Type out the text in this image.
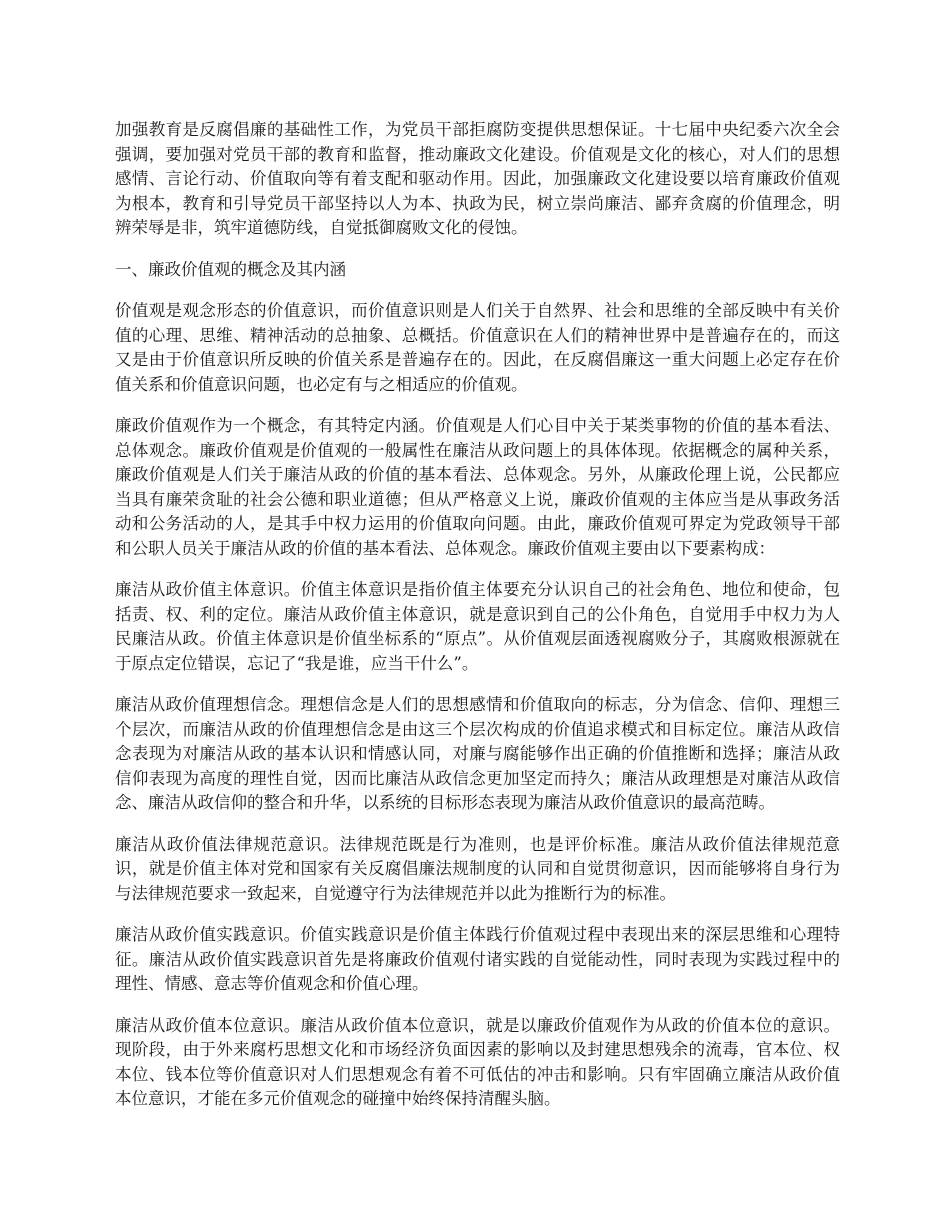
加强教育是反腐倡廉的基础性工作，为党员干部拒腐防变提供思想保证。十七届中央纪委六次全会强调，要加强对党员干部的教育和监督，推动廉政文化建设。价值观是文化的核心，对人们的思想感情、言论行动、价值取向等有着支配和驱动作用。因此，加强廉政文化建设要以培育廉政价值观为根本，教育和引导党员干部坚持以人为本、执政为民，树立崇尚廉洁、鄙弃贪腐的价值理念，明辨荣辱是非，筑牢道德防线，自觉抵御腐败文化的侵蚀。

一、廉政价值观的概念及其内涵

价值观是观念形态的价值意识，而价值意识则是人们关于自然界、社会和思维的全部反映中有关价值的心理、思维、精神活动的总抽象、总概括。价值意识在人们的精神世界中是普遍存在的，而这又是由于价值意识所反映的价值关系是普遍存在的。因此，在反腐倡廉这一重大问题上必定存在价值关系和价值意识问题，也必定有与之相适应的价值观。

廉政价值观作为一个概念，有其特定内涵。价值观是人们心目中关于某类事物的价值的基本看法、总体观念。廉政价值观是价值观的一般属性在廉洁从政问题上的具体体现。依据概念的属种关系，廉政价值观是人们关于廉洁从政的价值的基本看法、总体观念。另外，从廉政伦理上说，公民都应当具有廉荣贪耻的社会公德和职业道德；但从严格意义上说，廉政价值观的主体应当是从事政务活动和公务活动的人，是其手中权力运用的价值取向问题。由此，廉政价值观可界定为党政领导干部和公职人员关于廉洁从政的价值的基本看法、总体观念。廉政价值观主要由以下要素构成：

廉洁从政价值主体意识。价值主体意识是指价值主体要充分认识自己的社会角色、地位和使命，包括责、权、利的定位。廉洁从政价值主体意识，就是意识到自己的公仆角色，自觉用手中权力为人民廉洁从政。价值主体意识是价值坐标系的“原点”。从价值观层面透视腐败分子，其腐败根源就在于原点定位错误，忘记了“我是谁，应当干什么”。

廉洁从政价值理想信念。理想信念是人们的思想感情和价值取向的标志，分为信念、信仰、理想三个层次，而廉洁从政的价值理想信念是由这三个层次构成的价值追求模式和目标定位。廉洁从政信念表现为对廉洁从政的基本认识和情感认同，对廉与腐能够作出正确的价值推断和选择；廉洁从政信仰表现为高度的理性自觉，因而比廉洁从政信念更加坚定而持久；廉洁从政理想是对廉洁从政信念、廉洁从政信仰的整合和升华，以系统的目标形态表现为廉洁从政价值意识的最高范畴。

廉洁从政价值法律规范意识。法律规范既是行为准则，也是评价标准。廉洁从政价值法律规范意识，就是价值主体对党和国家有关反腐倡廉法规制度的认同和自觉贯彻意识，因而能够将自身行为与法律规范要求一致起来，自觉遵守行为法律规范并以此为推断行为的标准。

廉洁从政价值实践意识。价值实践意识是价值主体践行价值观过程中表现出来的深层思维和心理特征。廉洁从政价值实践意识首先是将廉政价值观付诸实践的自觉能动性，同时表现为实践过程中的理性、情感、意志等价值观念和价值心理。

廉洁从政价值本位意识。廉洁从政价值本位意识，就是以廉政价值观作为从政的价值本位的意识。现阶段，由于外来腐朽思想文化和市场经济负面因素的影响以及封建思想残余的流毒，官本位、权本位、钱本位等价值意识对人们思想观念有着不可低估的冲击和影响。只有牢固确立廉洁从政价值本位意识，才能在多元价值观念的碰撞中始终保持清醒头脑。
